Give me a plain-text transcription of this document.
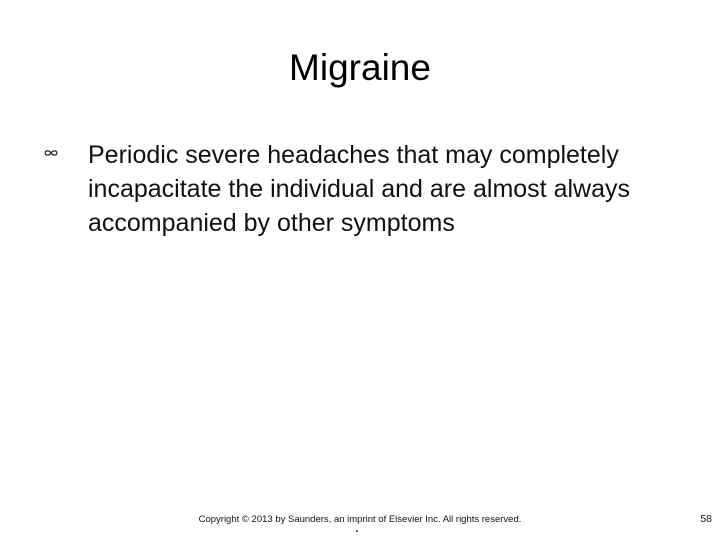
Migraine
Periodic severe headaches that may completely incapacitate the individual and are almost always accompanied by other symptoms
Copyright © 2013 by Saunders, an imprint of Elsevier Inc. All rights reserved.	58
